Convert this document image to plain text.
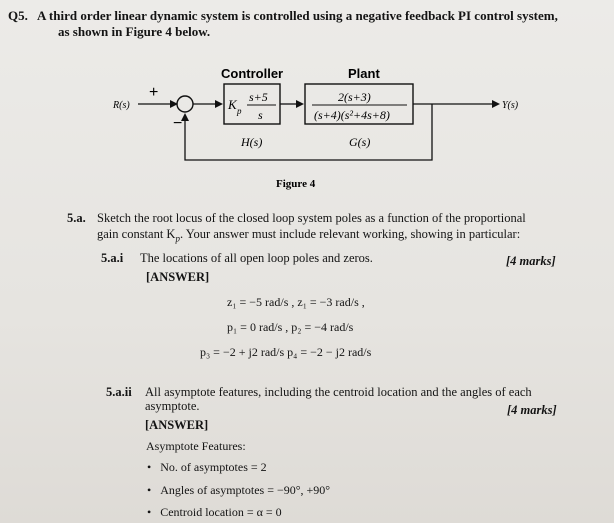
Q5. A third order linear dynamic system is controlled using a negative feedback PI control system,
as shown in Figure 4 below.
Controller	Plant
R(s)
+
−
K p
s+5
s
2(s+3)
(s+4)(s²+4s+8)
Y(s)
H(s)	G(s)
Figure 4
5.a. Sketch the root locus of the closed loop system poles as a function of the proportional
gain constant $K_p$. Your answer must include relevant working, showing in particular:
5.a.i The locations of all open loop poles and zeros.	[4 marks]
[ANSWER]
z₁ = −5 rad/s , z₁ = −3 rad/s ,
p₁ = 0 rad/s , p₂ = −4 rad/s
p₃ = −2 + j2 rad/s p₄ = −2 − j2 rad/s
5.a.ii All asymptote features, including the centroid location and the angles of each
asymptote.	[4 marks]
[ANSWER]
Asymptote Features:
•   No. of asymptotes = 2
•   Angles of asymptotes = −90°, +90°
•   Centroid location = α = 0
